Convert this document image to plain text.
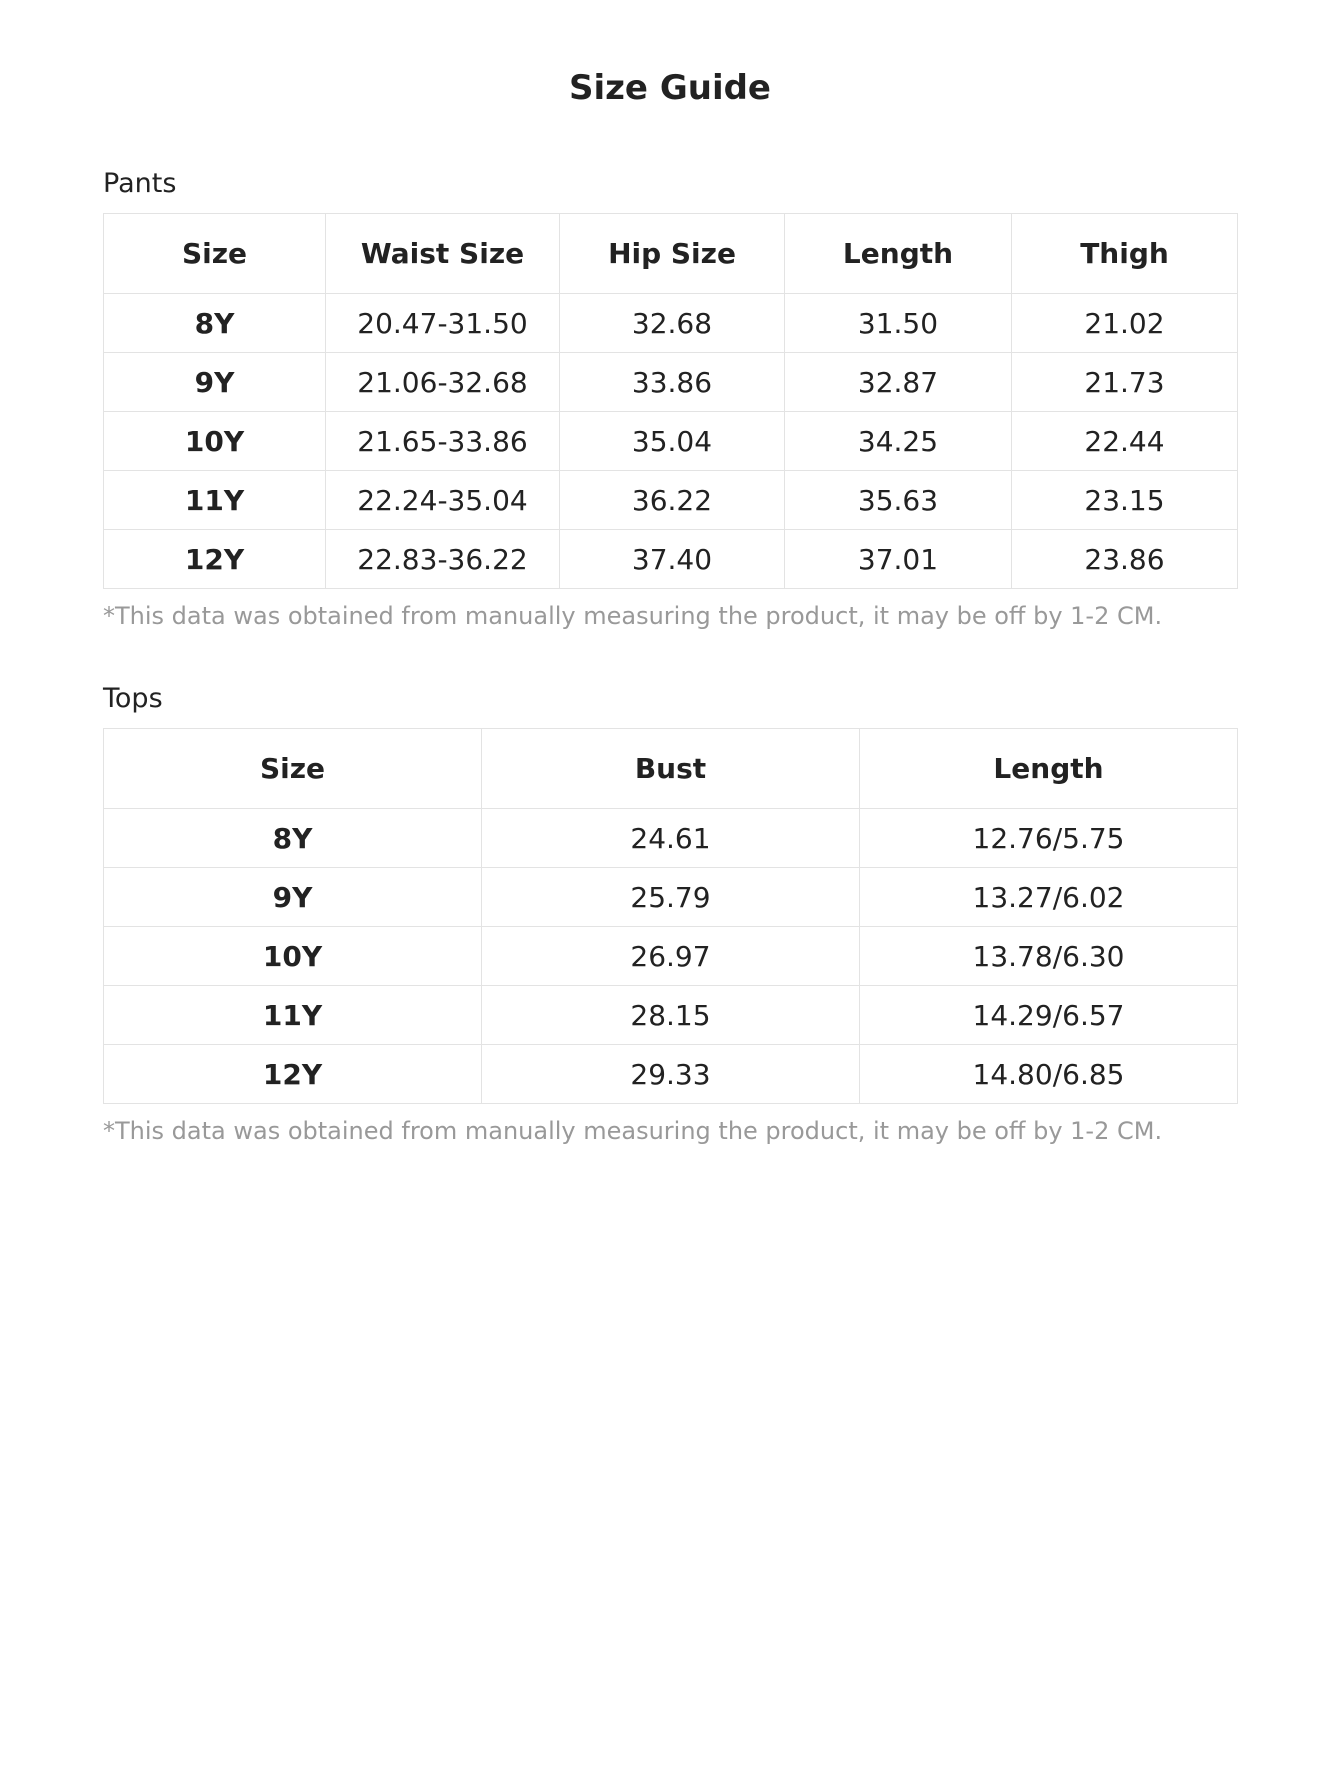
Size Guide
Pants
Size	Waist Size	Hip Size	Length	Thigh
8Y	20.47-31.50	32.68	31.50	21.02
9Y	21.06-32.68	33.86	32.87	21.73
10Y	21.65-33.86	35.04	34.25	22.44
11Y	22.24-35.04	36.22	35.63	23.15
12Y	22.83-36.22	37.40	37.01	23.86
*This data was obtained from manually measuring the product, it may be off by 1-2 CM.
Tops
Size	Bust	Length
8Y	24.61	12.76/5.75
9Y	25.79	13.27/6.02
10Y	26.97	13.78/6.30
11Y	28.15	14.29/6.57
12Y	29.33	14.80/6.85
*This data was obtained from manually measuring the product, it may be off by 1-2 CM.
